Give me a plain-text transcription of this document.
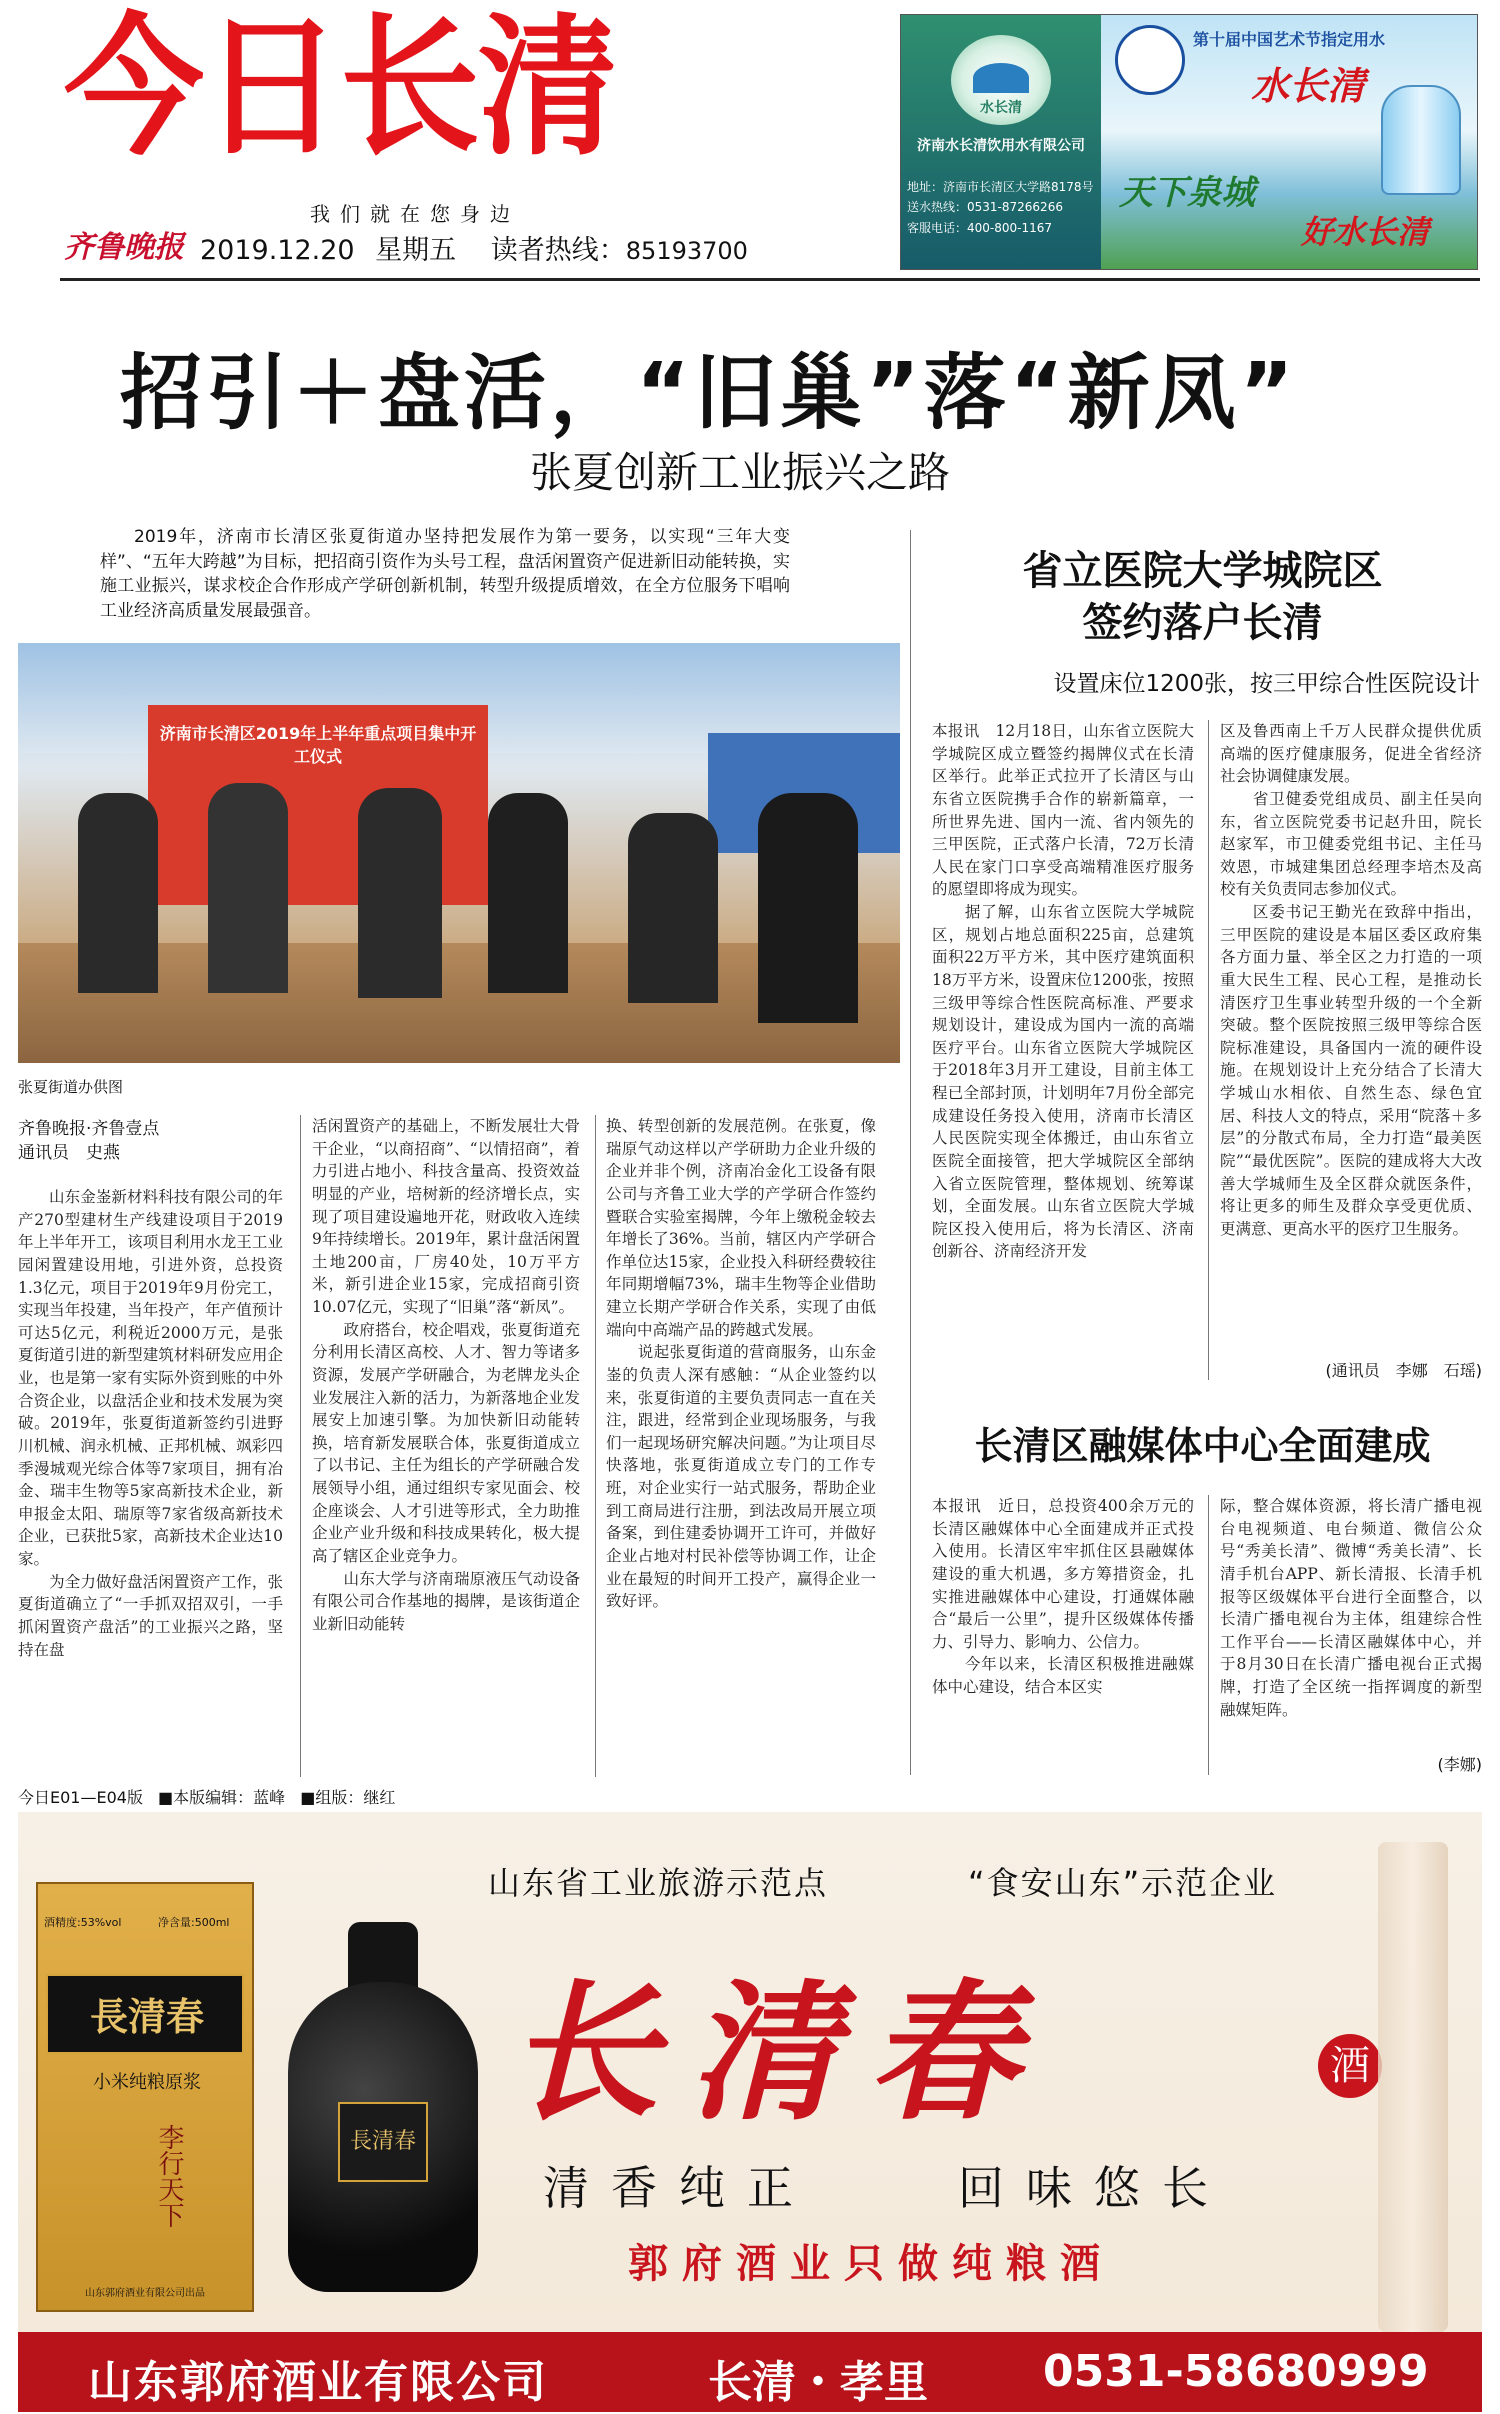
今日长清
我们就在您身边
齐鲁晚报 2019.12.20 星期五 读者热线：85193700
水长清
济南水长清饮用水有限公司
地址：济南市长清区大学路8178号
送水热线：0531-87266266
客服电话：400-800-1167
第十届中国艺术节指定用水
水长清
天下泉城
好水长清
招引＋盘活，“旧巢”落“新凤”
张夏创新工业振兴之路
2019年，济南市长清区张夏街道办坚持把发展作为第一要务，以实现“三年大变样”、“五年大跨越”为目标，把招商引资作为头号工程，盘活闲置资产促进新旧动能转换，实施工业振兴，谋求校企合作形成产学研创新机制，转型升级提质增效，在全方位服务下唱响工业经济高质量发展最强音。
济南市长清区2019年上半年重点项目集中开工仪式
张夏街道办供图
齐鲁晚报·齐鲁壹点
通讯员　史燕
山东金崟新材料科技有限公司的年产270型建材生产线建设项目于2019年上半年开工，该项目利用水龙王工业园闲置建设用地，引进外资，总投资1.3亿元，项目于2019年9月份完工，实现当年投建，当年投产，年产值预计可达5亿元，利税近2000万元，是张夏街道引进的新型建筑材料研发应用企业，也是第一家有实际外资到账的中外合资企业，以盘活企业和技术发展为突破。2019年，张夏街道新签约引进野川机械、润永机械、正邦机械、飒彩四季漫城观光综合体等7家项目，拥有冶金、瑞丰生物等5家高新技术企业，新申报金太阳、瑞原等7家省级高新技术企业，已获批5家，高新技术企业达10家。
　　为全力做好盘活闲置资产工作，张夏街道确立了“一手抓双招双引，一手抓闲置资产盘活”的工业振兴之路，坚持在盘
活闲置资产的基础上，不断发展壮大骨干企业，“以商招商”、“以情招商”，着力引进占地小、科技含量高、投资效益明显的产业，培树新的经济增长点，实现了项目建设遍地开花，财政收入连续9年持续增长。2019年，累计盘活闲置土地200亩，厂房40处，10万平方米，新引进企业15家，完成招商引资10.07亿元，实现了“旧巢”落“新凤”。
　　政府搭台，校企唱戏，张夏街道充分利用长清区高校、人才、智力等诸多资源，发展产学研融合，为老牌龙头企业发展注入新的活力，为新落地企业发展安上加速引擎。为加快新旧动能转换，培育新发展联合体，张夏街道成立了以书记、主任为组长的产学研融合发展领导小组，通过组织专家见面会、校企座谈会、人才引进等形式，全力助推企业产业升级和科技成果转化，极大提高了辖区企业竞争力。
　　山东大学与济南瑞原液压气动设备有限公司合作基地的揭牌，是该街道企业新旧动能转
换、转型创新的发展范例。在张夏，像瑞原气动这样以产学研助力企业升级的企业并非个例，济南冶金化工设备有限公司与齐鲁工业大学的产学研合作签约暨联合实验室揭牌，今年上缴税金较去年增长了36%。当前，辖区内产学研合作单位达15家，企业投入科研经费较往年同期增幅73%，瑞丰生物等企业借助建立长期产学研合作关系，实现了由低端向中高端产品的跨越式发展。
　　说起张夏街道的营商服务，山东金崟的负责人深有感触：“从企业签约以来，张夏街道的主要负责同志一直在关注，跟进，经常到企业现场服务，与我们一起现场研究解决问题。”为让项目尽快落地，张夏街道成立专门的工作专班，对企业实行一站式服务，帮助企业到工商局进行注册，到法改局开展立项备案，到住建委协调开工许可，并做好企业占地对村民补偿等协调工作，让企业在最短的时间开工投产，赢得企业一致好评。
省立医院大学城院区
签约落户长清
设置床位1200张，按三甲综合性医院设计
本报讯　12月18日，山东省立医院大学城院区成立暨签约揭牌仪式在长清区举行。此举正式拉开了长清区与山东省立医院携手合作的崭新篇章，一所世界先进、国内一流、省内领先的三甲医院，正式落户长清，72万长清人民在家门口享受高端精准医疗服务的愿望即将成为现实。
　　据了解，山东省立医院大学城院区，规划占地总面积225亩，总建筑面积22万平方米，其中医疗建筑面积18万平方米，设置床位1200张，按照三级甲等综合性医院高标准、严要求规划设计，建设成为国内一流的高端医疗平台。山东省立医院大学城院区于2018年3月开工建设，目前主体工程已全部封顶，计划明年7月份全部完成建设任务投入使用，济南市长清区人民医院实现全体搬迁，由山东省立医院全面接管，把大学城院区全部纳入省立医院管理，整体规划、统筹谋划，全面发展。山东省立医院大学城院区投入使用后，将为长清区、济南创新谷、济南经济开发
区及鲁西南上千万人民群众提供优质高端的医疗健康服务，促进全省经济社会协调健康发展。
　　省卫健委党组成员、副主任吴向东，省立医院党委书记赵升田，院长赵家军，市卫健委党组书记、主任马效恩，市城建集团总经理李培杰及高校有关负责同志参加仪式。
　　区委书记王勤光在致辞中指出，三甲医院的建设是本届区委区政府集各方面力量、举全区之力打造的一项重大民生工程、民心工程，是推动长清医疗卫生事业转型升级的一个全新突破。整个医院按照三级甲等综合医院标准建设，具备国内一流的硬件设施。在规划设计上充分结合了长清大学城山水相依、自然生态、绿色宜居、科技人文的特点，采用“院落＋多层”的分散式布局，全力打造“最美医院”“最优医院”。医院的建成将大大改善大学城师生及全区群众就医条件，将让更多的师生及群众享受更优质、更满意、更高水平的医疗卫生服务。
(通讯员　李娜　石瑶)
长清区融媒体中心全面建成
本报讯　近日，总投资400余万元的长清区融媒体中心全面建成并正式投入使用。长清区牢牢抓住区县融媒体建设的重大机遇，多方筹措资金，扎实推进融媒体中心建设，打通媒体融合“最后一公里”，提升区级媒体传播力、引导力、影响力、公信力。
　　今年以来，长清区积极推进融媒体中心建设，结合本区实
际，整合媒体资源，将长清广播电视台电视频道、电台频道、微信公众号“秀美长清”、微博“秀美长清”、长清手机台APP、新长清报、长清手机报等区级媒体平台进行全面整合，以长清广播电视台为主体，组建综合性工作平台——长清区融媒体中心，并于8月30日在长清广播电视台正式揭牌，打造了全区统一指挥调度的新型融媒矩阵。
(李娜)
今日E01—E04版 ■本版编辑：蓝峰 ■组版：继红
山东省工业旅游示范点	“食安山东”示范企业
酒精度:53%vol	净含量:500ml
長清春
小米纯粮原浆
李行天下
山东郭府酒业有限公司出品
長清春
长清春	酒
清香纯正	回味悠长
郭府酒业只做纯粮酒
山东郭府酒业有限公司	长清・孝里	0531-58680999
